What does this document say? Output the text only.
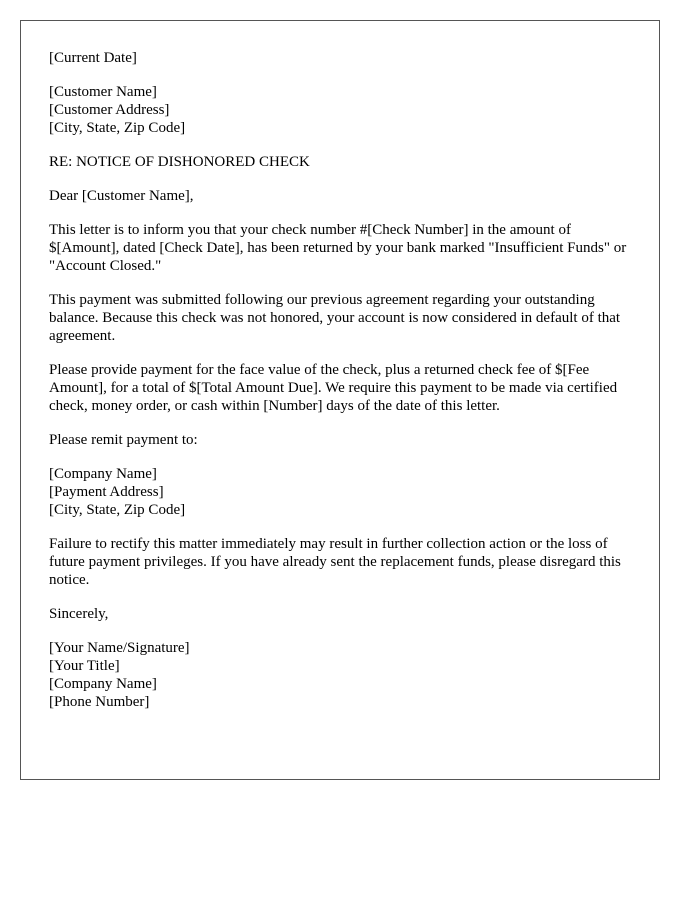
[Current Date]
[Customer Name]
[Customer Address]
[City, State, Zip Code]
RE: NOTICE OF DISHONORED CHECK
Dear [Customer Name],

This letter is to inform you that your check number #[Check Number] in the amount of $[Amount], dated [Check Date], has been returned by your bank marked "Insufficient Funds" or "Account Closed."

This payment was submitted following our previous agreement regarding your outstanding balance. Because this check was not honored, your account is now considered in default of that agreement.

Please provide payment for the face value of the check, plus a returned check fee of $[Fee Amount], for a total of $[Total Amount Due]. We require this payment to be made via certified check, money order, or cash within [Number] days of the date of this letter.

Please remit payment to:

[Company Name]
[Payment Address]
[City, State, Zip Code]

Failure to rectify this matter immediately may result in further collection action or the loss of future payment privileges. If you have already sent the replacement funds, please disregard this notice.

Sincerely,
[Your Name/Signature]
[Your Title]
[Company Name]
[Phone Number]
